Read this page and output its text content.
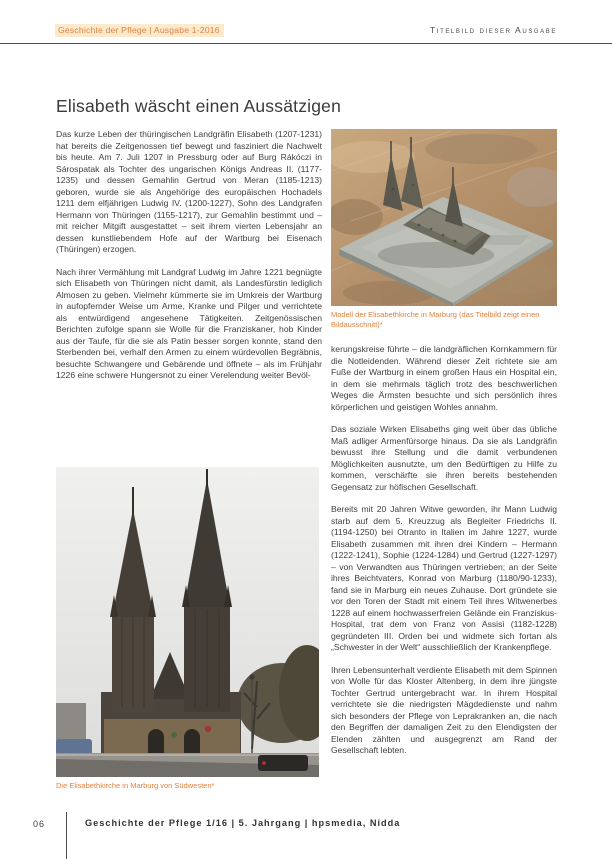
Geschichte der Pflege | Ausgabe 1-2016	Titelbild dieser Ausgabe
Elisabeth wäscht einen Aussätzigen

Das kurze Leben der thüringischen Landgräfin Elisabeth (1207-1231) hat bereits die Zeitgenossen tief bewegt und fasziniert die Nachwelt bis heute. Am 7. Juli 1207 in Pressburg oder auf Burg Rákóczi in Sárospatak als Tochter des ungarischen Königs Andreas II. (1177-1235) und dessen Gemahlin Gertrud von Meran (1185-1213) geboren, wurde sie als Angehörige des europäischen Hochadels 1211 dem elfjährigen Ludwig IV. (1200-1227), Sohn des Landgrafen Hermann von Thüringen (1155-1217), zur Gemahlin bestimmt und – mit reicher Mitgift ausgestattet – seit ihrem vierten Lebensjahr an dessen kunstliebendem Hofe auf der Wartburg bei Eisenach (Thüringen) erzogen.

Nach ihrer Vermählung mit Landgraf Ludwig im Jahre 1221 begnügte sich Elisabeth von Thüringen nicht damit, als Landesfürstin lediglich Almosen zu geben. Vielmehr kümmerte sie im Umkreis der Wartburg in aufopfernder Weise um Arme, Kranke und Pilger und verrichtete als entwürdigend angesehene Tätigkeiten. Zeitgenössischen Berichten zufolge spann sie Wolle für die Franziskaner, hob Kinder aus der Taufe, für die sie als Patin besser sorgen konnte, stand den Sterbenden bei, verhalf den Armen zu einem würdevollen Begräbnis, besuchte Schwangere und Gebärende und öffnete – als im Frühjahr 1226 eine schwere Hungersnot zu einer Verelendung weiter Bevöl-

Modell der Elisabethkirche in Marburg (das Titelbild zeigt einen Bildausschnitt)*

kerungskreise führte – die landgräflichen Kornkammern für die Notleidenden. Während dieser Zeit richtete sie am Fuße der Wartburg in einem großen Haus ein Hospital ein, in dem sie mehrmals täglich trotz des beschwerlichen Weges die Ärmsten besuchte und sich persönlich ihres körperlichen und geistigen Wohles annahm.

Das soziale Wirken Elisabeths ging weit über das übliche Maß adliger Armenfürsorge hinaus. Da sie als Landgräfin bewusst ihre Stellung und die damit verbundenen Möglichkeiten ausnutzte, um den Bedürftigen zu Hilfe zu kommen, verschärfte sie ihren bereits bestehenden Gegensatz zur höfischen Gesellschaft.

Bereits mit 20 Jahren Witwe geworden, ihr Mann Ludwig starb auf dem 5. Kreuzzug als Begleiter Friedrichs II. (1194-1250) bei Otranto in Italien im Jahre 1227, wurde Elisabeth zusammen mit ihren drei Kindern – Hermann (1222-1241), Sophie (1224-1284) und Gertrud (1227-1297) – von Verwandten aus Thüringen vertrieben; an der Seite ihres Beichtvaters, Konrad von Marburg (1180/90-1233), fand sie in Marburg ein neues Zuhause. Dort gründete sie vor den Toren der Stadt mit einem Teil ihres Witwenerbes 1228 auf einem hochwasserfreien Gelände ein Franziskus-Hospital, trat dem von Franz von Assisi (1182-1228) gegründeten III. Orden bei und widmete sich fortan als „Schwester in der Welt“ ausschließlich der Krankenpflege.

Ihren Lebensunterhalt verdiente Elisabeth mit dem Spinnen von Wolle für das Kloster Altenberg, in dem ihre jüngste Tochter Gertrud untergebracht war. In ihrem Hospital verrichtete sie die niedrigsten Mägdedienste und nahm sich besonders der Pflege von Leprakranken an, die nach den Begriffen der damaligen Zeit zu den Elendigsten der Elenden zählten und ausgegrenzt am Rand der Gesellschaft lebten.

Die Elisabethkirche in Marburg von Südwesten*
06	Geschichte der Pflege 1/16 | 5. Jahrgang | hpsmedia, Nidda
